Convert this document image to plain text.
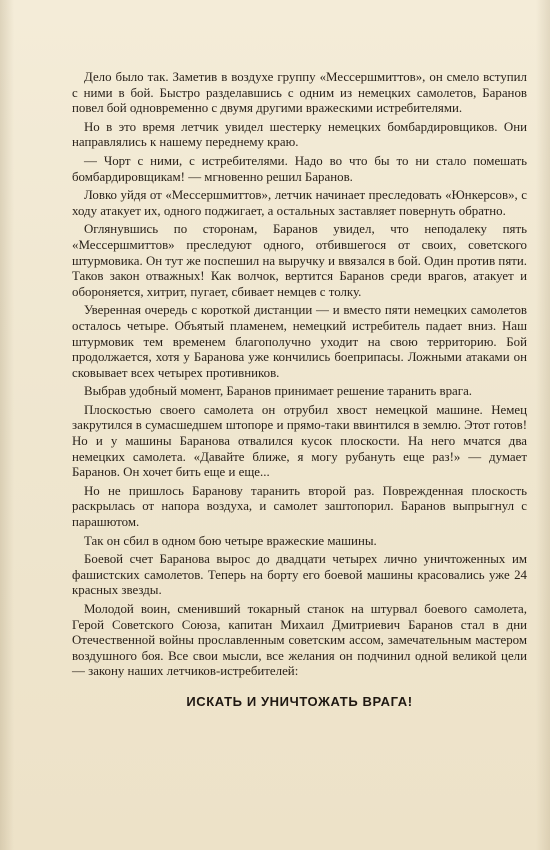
Дело было так. Заметив в воздухе группу «Мессершмиттов», он смело вступил с ними в бой. Быстро разделавшись с одним из немецких самолетов, Баранов повел бой одновременно с двумя другими вражескими истребителями.

Но в это время летчик увидел шестерку немецких бомбардировщиков. Они направлялись к нашему переднему краю.

— Чорт с ними, с истребителями. Надо во что бы то ни стало помешать бомбардировщикам! — мгновенно решил Баранов.

Ловко уйдя от «Мессершмиттов», летчик начинает преследовать «Юнкерсов», с ходу атакует их, одного поджигает, а остальных заставляет повернуть обратно.

Оглянувшись по сторонам, Баранов увидел, что неподалеку пять «Мессершмиттов» преследуют одного, отбившегося от своих, советского штурмовика. Он тут же поспешил на выручку и ввязался в бой. Один против пяти. Таков закон отважных! Как волчок, вертится Баранов среди врагов, атакует и обороняется, хитрит, пугает, сбивает немцев с толку.

Уверенная очередь с короткой дистанции — и вместо пяти немецких самолетов осталось четыре. Объятый пламенем, немецкий истребитель падает вниз. Наш штурмовик тем временем благополучно уходит на свою территорию. Бой продолжается, хотя у Баранова уже кончились боеприпасы. Ложными атаками он сковывает всех четырех противников.

Выбрав удобный момент, Баранов принимает решение таранить врага.

Плоскостью своего самолета он отрубил хвост немецкой машине. Немец закрутился в сумасшедшем штопоре и прямо-таки ввинтился в землю. Этот готов! Но и у машины Баранова отвалился кусок плоскости. На него мчатся два немецких самолета. «Давайте ближе, я могу рубануть еще раз!» — думает Баранов. Он хочет бить еще и еще...

Но не пришлось Баранову таранить второй раз. Поврежденная плоскость раскрылась от напора воздуха, и самолет заштопорил. Баранов выпрыгнул с парашютом.

Так он сбил в одном бою четыре вражеские машины.

Боевой счет Баранова вырос до двадцати четырех лично уничтоженных им фашистских самолетов. Теперь на борту его боевой машины красовались уже 24 красных звезды.

Молодой воин, сменивший токарный станок на штурвал боевого самолета, Герой Советского Союза, капитан Михаил Дмитриевич Баранов стал в дни Отечественной войны прославленным советским ассом, замечательным мастером воздушного боя. Все свои мысли, все желания он подчинил одной великой цели — закону наших летчиков-истребителей:

ИСКАТЬ И УНИЧТОЖАТЬ ВРАГА!
